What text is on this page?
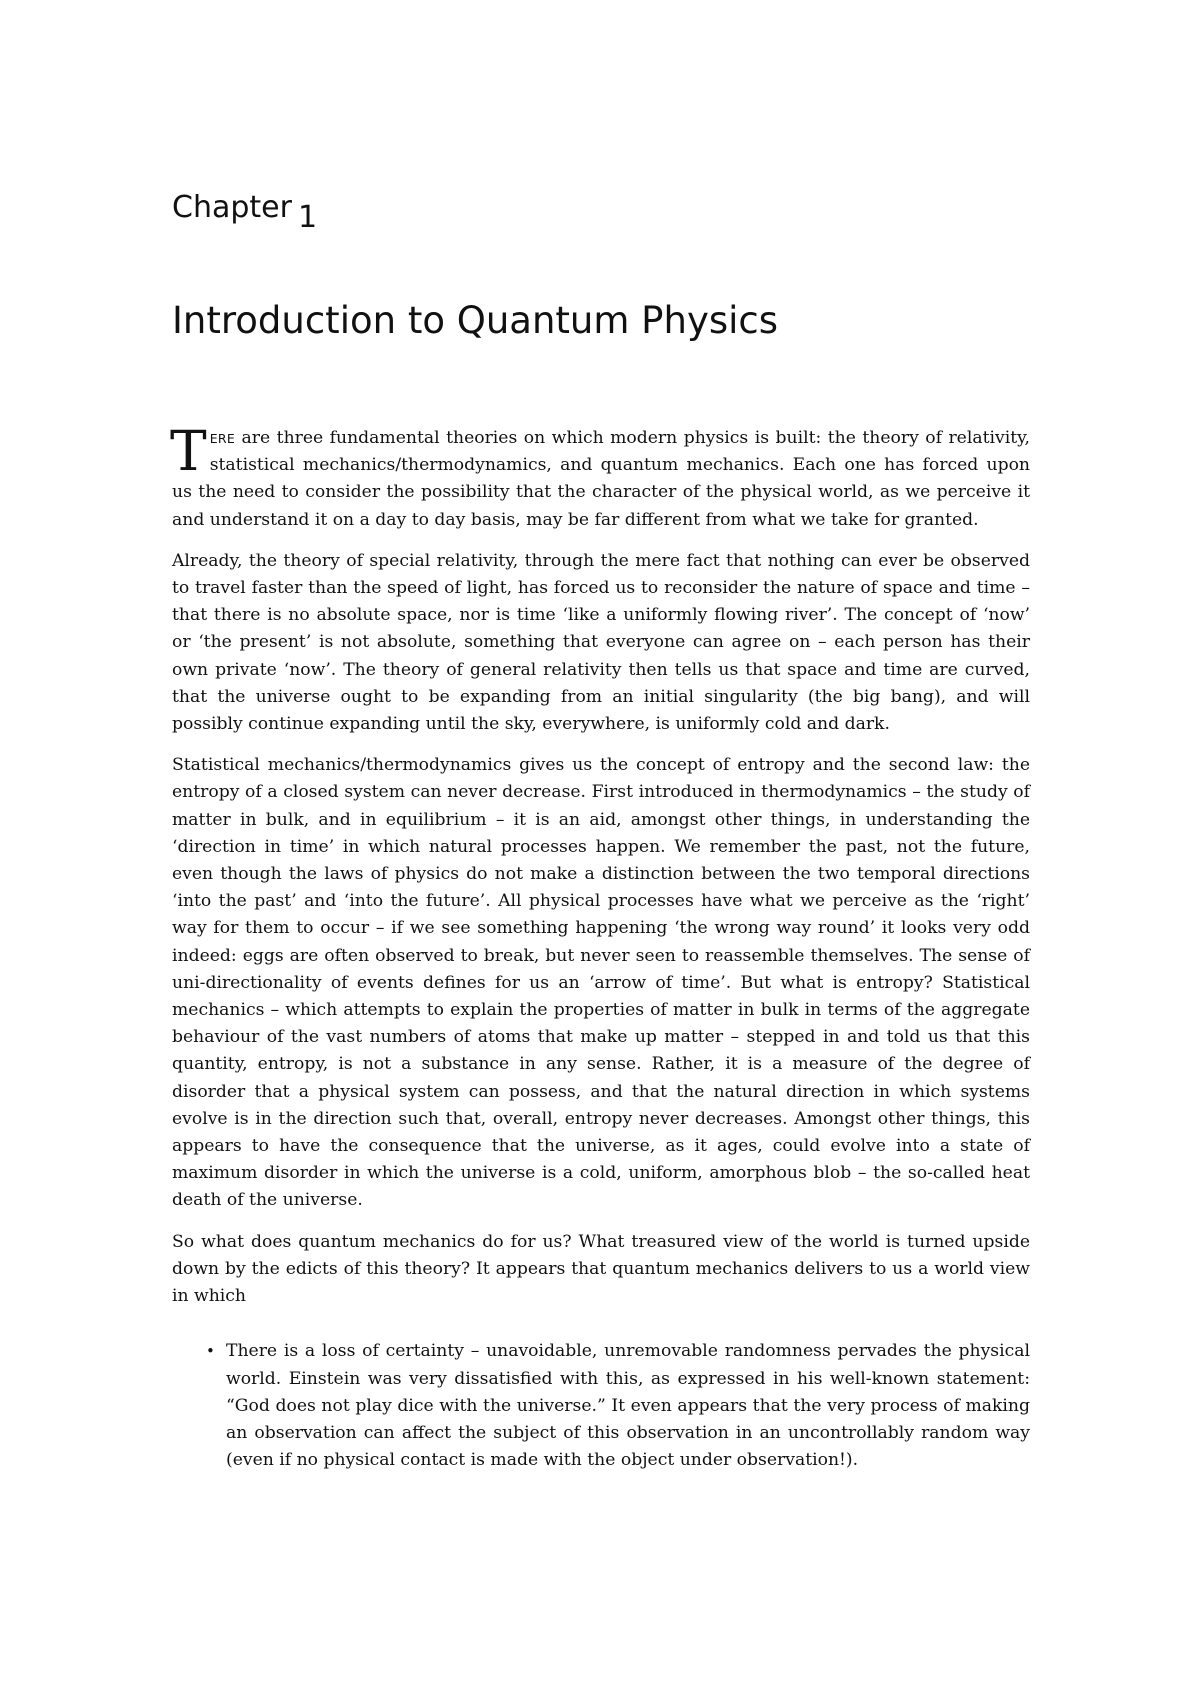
Chapter 1
Introduction to Quantum Physics

TERE are three fundamental theories on which modern physics is built: the theory of relativity, statistical mechanics/thermodynamics, and quantum mechanics. Each one has forced upon us the need to consider the possibility that the character of the physical world, as we perceive it and understand it on a day to day basis, may be far different from what we take for granted.

Already, the theory of special relativity, through the mere fact that nothing can ever be observed to travel faster than the speed of light, has forced us to reconsider the nature of space and time – that there is no absolute space, nor is time ‘like a uniformly flowing river’. The concept of ‘now’ or ‘the present’ is not absolute, something that everyone can agree on – each person has their own private ‘now’. The theory of general relativity then tells us that space and time are curved, that the universe ought to be expanding from an initial singularity (the big bang), and will possibly continue expanding until the sky, everywhere, is uniformly cold and dark.

Statistical mechanics/thermodynamics gives us the concept of entropy and the second law: the entropy of a closed system can never decrease. First introduced in thermodynamics – the study of matter in bulk, and in equilibrium – it is an aid, amongst other things, in understanding the ‘direction in time’ in which natural processes happen. We remember the past, not the future, even though the laws of physics do not make a distinction between the two temporal directions ‘into the past’ and ‘into the future’. All physical processes have what we perceive as the ‘right’ way for them to occur – if we see something happening ‘the wrong way round’ it looks very odd indeed: eggs are often observed to break, but never seen to reassemble themselves. The sense of uni-directionality of events defines for us an ‘arrow of time’. But what is entropy? Statistical mechanics – which attempts to explain the properties of matter in bulk in terms of the aggregate behaviour of the vast numbers of atoms that make up matter – stepped in and told us that this quantity, entropy, is not a substance in any sense. Rather, it is a measure of the degree of disorder that a physical system can possess, and that the natural direction in which systems evolve is in the direction such that, overall, entropy never decreases. Amongst other things, this appears to have the consequence that the universe, as it ages, could evolve into a state of maximum disorder in which the universe is a cold, uniform, amorphous blob – the so-called heat death of the universe.

So what does quantum mechanics do for us? What treasured view of the world is turned upside down by the edicts of this theory? It appears that quantum mechanics delivers to us a world view in which

• There is a loss of certainty – unavoidable, unremovable randomness pervades the physical world. Einstein was very dissatisfied with this, as expressed in his well-known statement: “God does not play dice with the universe.” It even appears that the very process of making an observation can affect the subject of this observation in an uncontrollably random way (even if no physical contact is made with the object under observation!).
